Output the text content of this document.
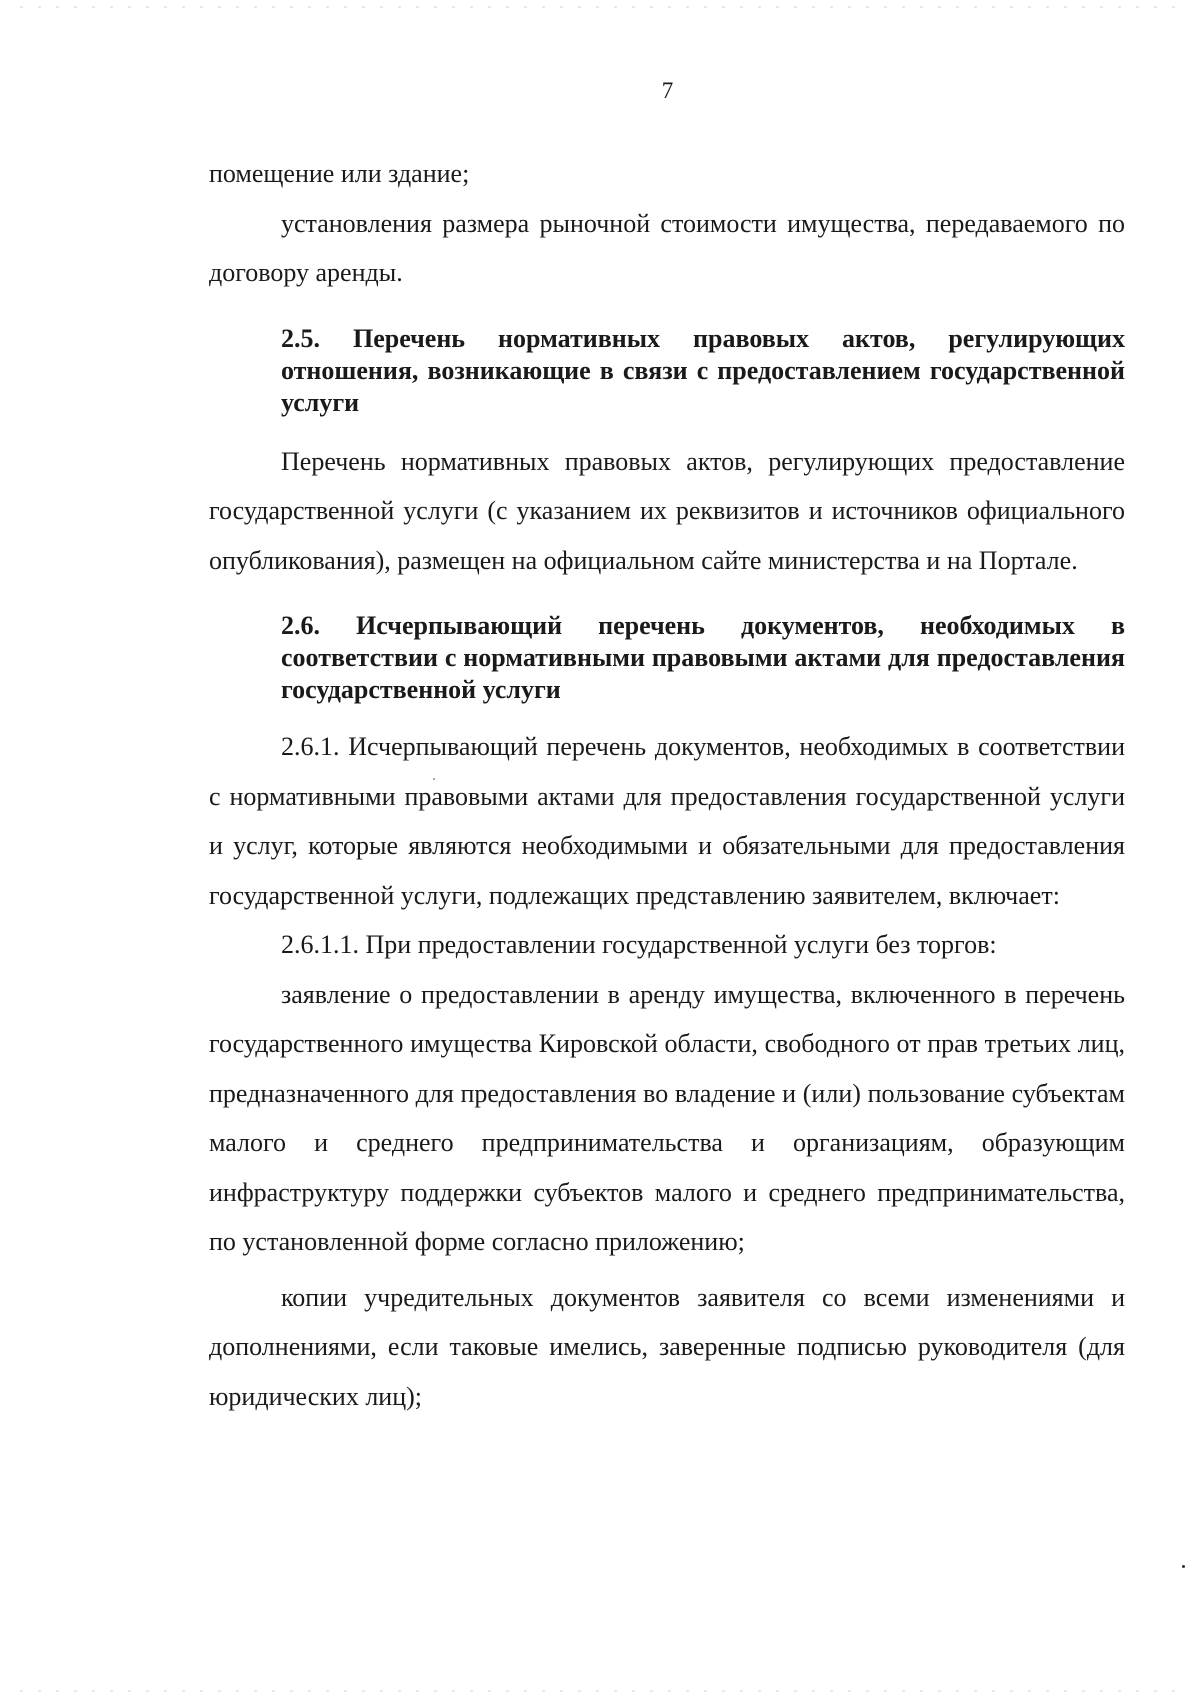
7

помещение или здание;

установления размера рыночной стоимости имущества, передаваемого по договору аренды.

2.5. Перечень нормативных правовых актов, регулирующих отношения, возникающие в связи с предоставлением государственной услуги

Перечень нормативных правовых актов, регулирующих предоставление государственной услуги (с указанием их реквизитов и источников официального опубликования), размещен на официальном сайте министерства и на Портале.

2.6. Исчерпывающий перечень документов, необходимых в соответствии с нормативными правовыми актами для предоставления государственной услуги

2.6.1. Исчерпывающий перечень документов, необходимых в соответствии с нормативными правовыми актами для предоставления государственной услуги и услуг, которые являются необходимыми и обязательными для предоставления государственной услуги, подлежащих представлению заявителем, включает:

2.6.1.1. При предоставлении государственной услуги без торгов:

заявление о предоставлении в аренду имущества, включенного в перечень государственного имущества Кировской области, свободного от прав третьих лиц, предназначенного для предоставления во владение и (или) пользование субъектам малого и среднего предпринимательства и организациям, образующим инфраструктуру поддержки субъектов малого и среднего предпринимательства, по установленной форме согласно приложению;

копии учредительных документов заявителя со всеми изменениями и дополнениями, если таковые имелись, заверенные подписью руководителя (для юридических лиц);
